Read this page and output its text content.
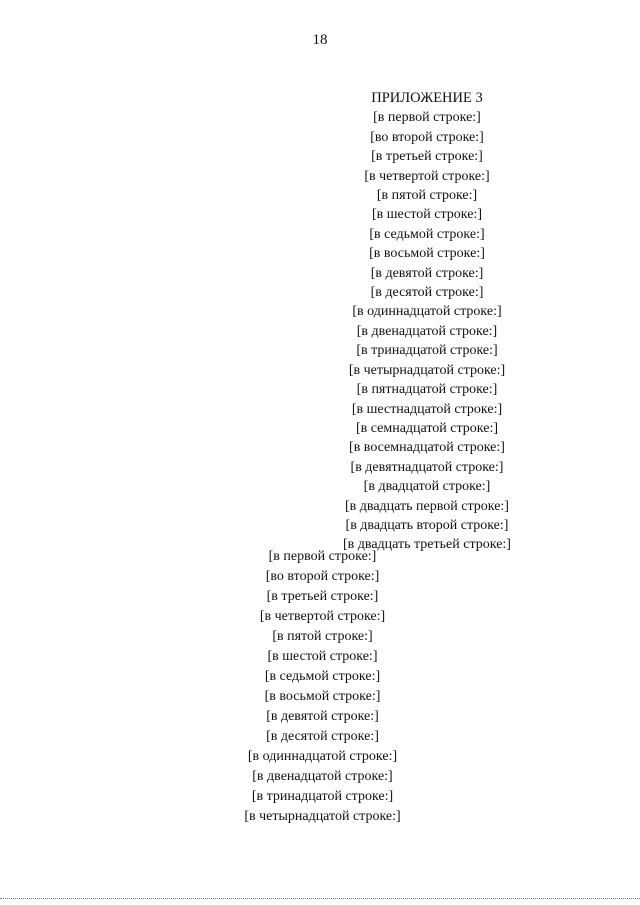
18
ПРИЛОЖЕНИЕ 3
[в первой строке:]
[во второй строке:]
[в третьей строке:]
[в четвертой строке:]
[в пятой строке:]
[в шестой строке:]
[в седьмой строке:]
[в восьмой строке:]
[в девятой строке:]
[в десятой строке:]
[в одиннадцатой строке:]
[в двенадцатой строке:]
[в тринадцатой строке:]
[в четырнадцатой строке:]
[в пятнадцатой строке:]
[в шестнадцатой строке:]
[в семнадцатой строке:]
[в восемнадцатой строке:]
[в девятнадцатой строке:]
[в двадцатой строке:]
[в двадцать первой строке:]
[в двадцать второй строке:]
[в двадцать третьей строке:]
[в первой строке:]
[во второй строке:]
[в третьей строке:]
[в четвертой строке:]
[в пятой строке:]
[в шестой строке:]
[в седьмой строке:]
[в восьмой строке:]
[в девятой строке:]
[в десятой строке:]
[в одиннадцатой строке:]
[в двенадцатой строке:]
[в тринадцатой строке:]
[в четырнадцатой строке:]
